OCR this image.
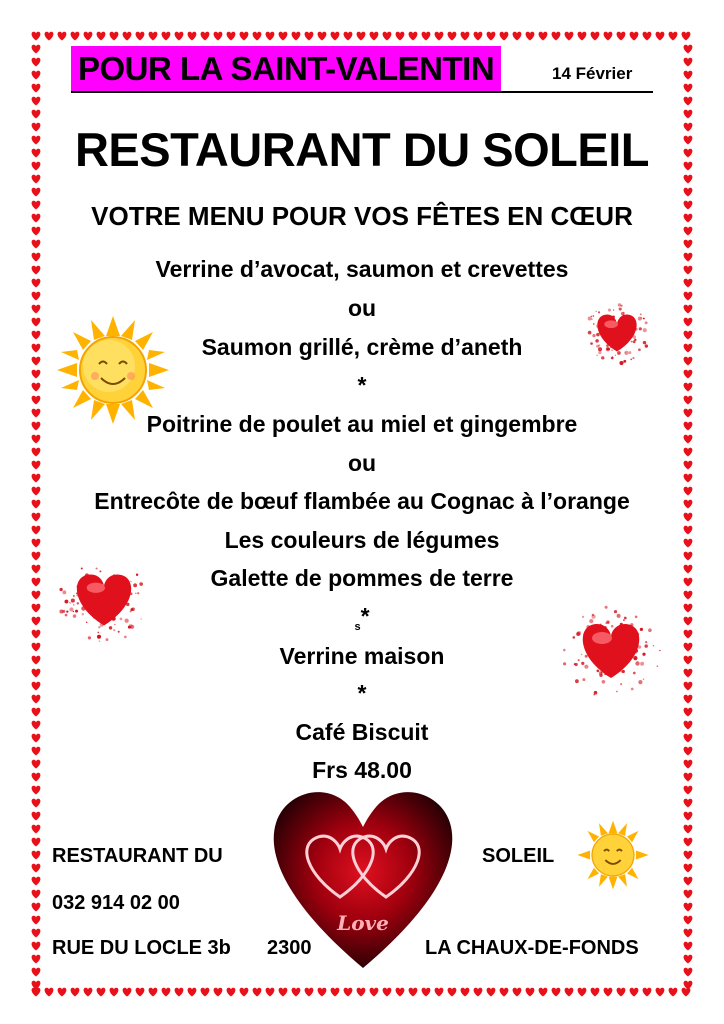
POUR LA SAINT-VALENTIN	14 Février
RESTAURANT DU SOLEIL
VOTRE MENU POUR VOS FÊTES EN CŒUR
Verrine d’avocat, saumon et crevettes
ou
Saumon grillé, crème d’aneth
*
Poitrine de poulet au miel et gingembre
ou
Entrecôte de bœuf flambée au Cognac à l’orange
Les couleurs de légumes
Galette de pommes de terre
$_s$*
Verrine maison
*
Café Biscuit
Frs 48.00
Love
RESTAURANT DU	SOLEIL
032 914 02 00
RUE DU LOCLE 3b 2300	LA CHAUX-DE-FONDS
